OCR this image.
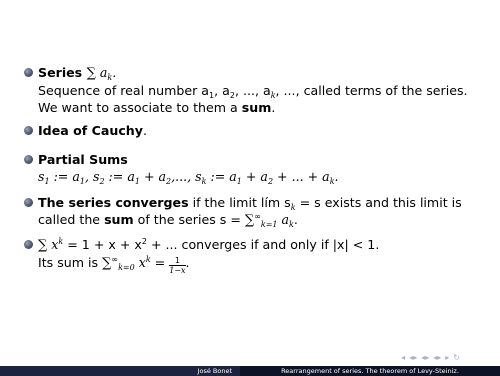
Series ∑ $a_k$.
Sequence of real number $a_1$, $a_2$, ..., $a_k$, ..., called terms of the series.
We want to associate to them a sum.
Idea of Cauchy.
Partial Sums
$s_1$ := $a_1$, $s_2$ := $a_1 + a_2$,..., $s_k$ := $a_1 + a_2$ + ... + $a_k$.
The series converges if the limit lím $s_k = s$ exists and this limit is
called the sum of the series $s = \sum^\infty_{k=1}$ $a_k$.
∑ $x^k = 1 + x + x^2$ + ... converges if and only if |x| < 1.
Its sum is $\sum^\infty_{k=0}$ $x^k = \frac{1}{1-x}$ .
◂ ◂▸ ◂▸ ◂▸ ▸ ↻
José Bonet	Rearrangement of series. The theorem of Levy-Steiniz.
